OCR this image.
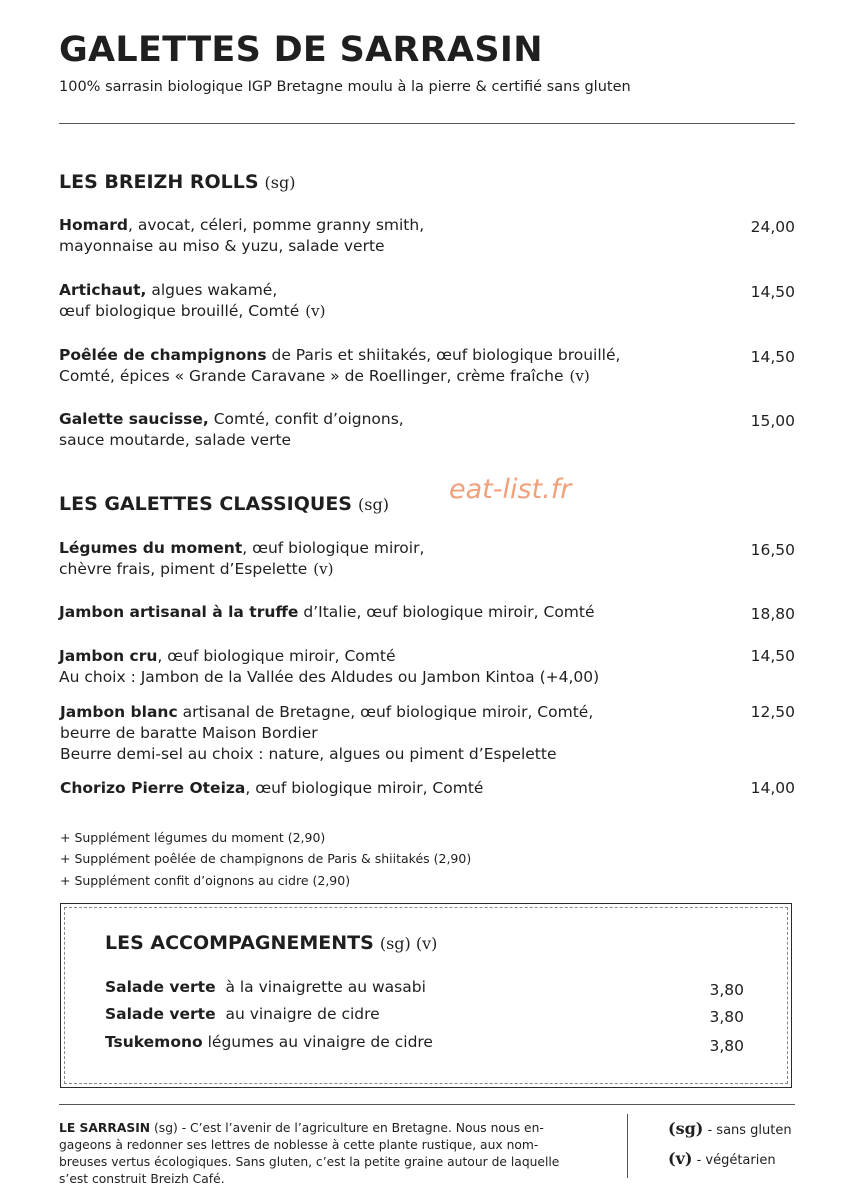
GALETTES DE SARRASIN
100% sarrasin biologique IGP Bretagne moulu à la pierre & certifié sans gluten
LES BREIZH ROLLS (sg)
Homard, avocat, céleri, pomme granny smith,
mayonnaise au miso & yuzu, salade verte
24,00
Artichaut, algues wakamé,
œuf biologique brouillé, Comté (v)
14,50
Poêlée de champignons de Paris et shiitakés, œuf biologique brouillé,
Comté, épices « Grande Caravane » de Roellinger, crème fraîche (v)
14,50
Galette saucisse, Comté, confit d’oignons,
sauce moutarde, salade verte
15,00
eat-list.fr
LES GALETTES CLASSIQUES (sg)
Légumes du moment, œuf biologique miroir,
chèvre frais, piment d’Espelette (v)
16,50
Jambon artisanal à la truffe d’Italie, œuf biologique miroir, Comté	18,80
Jambon cru, œuf biologique miroir, Comté
Au choix : Jambon de la Vallée des Aldudes ou Jambon Kintoa (+4,00)
14,50
Jambon blanc artisanal de Bretagne, œuf biologique miroir, Comté,
beurre de baratte Maison Bordier
Beurre demi-sel au choix : nature, algues ou piment d’Espelette
12,50
Chorizo Pierre Oteiza, œuf biologique miroir, Comté	14,00
+ Supplément légumes du moment (2,90)
+ Supplément poêlée de champignons de Paris & shiitakés (2,90)
+ Supplément confit d’oignons au cidre (2,90)
LES ACCOMPAGNEMENTS (sg) (v)
Salade verte  à la vinaigrette au wasabi	3,80
Salade verte  au vinaigre de cidre	3,80
Tsukemono légumes au vinaigre de cidre	3,80
LE SARRASIN (sg) - C’est l’avenir de l’agriculture en Bretagne. Nous nous en-
gageons à redonner ses lettres de noblesse à cette plante rustique, aux nom-
breuses vertus écologiques. Sans gluten, c’est la petite graine autour de laquelle
s’est construit Breizh Café.
(sg) - sans gluten
(v) - végétarien
